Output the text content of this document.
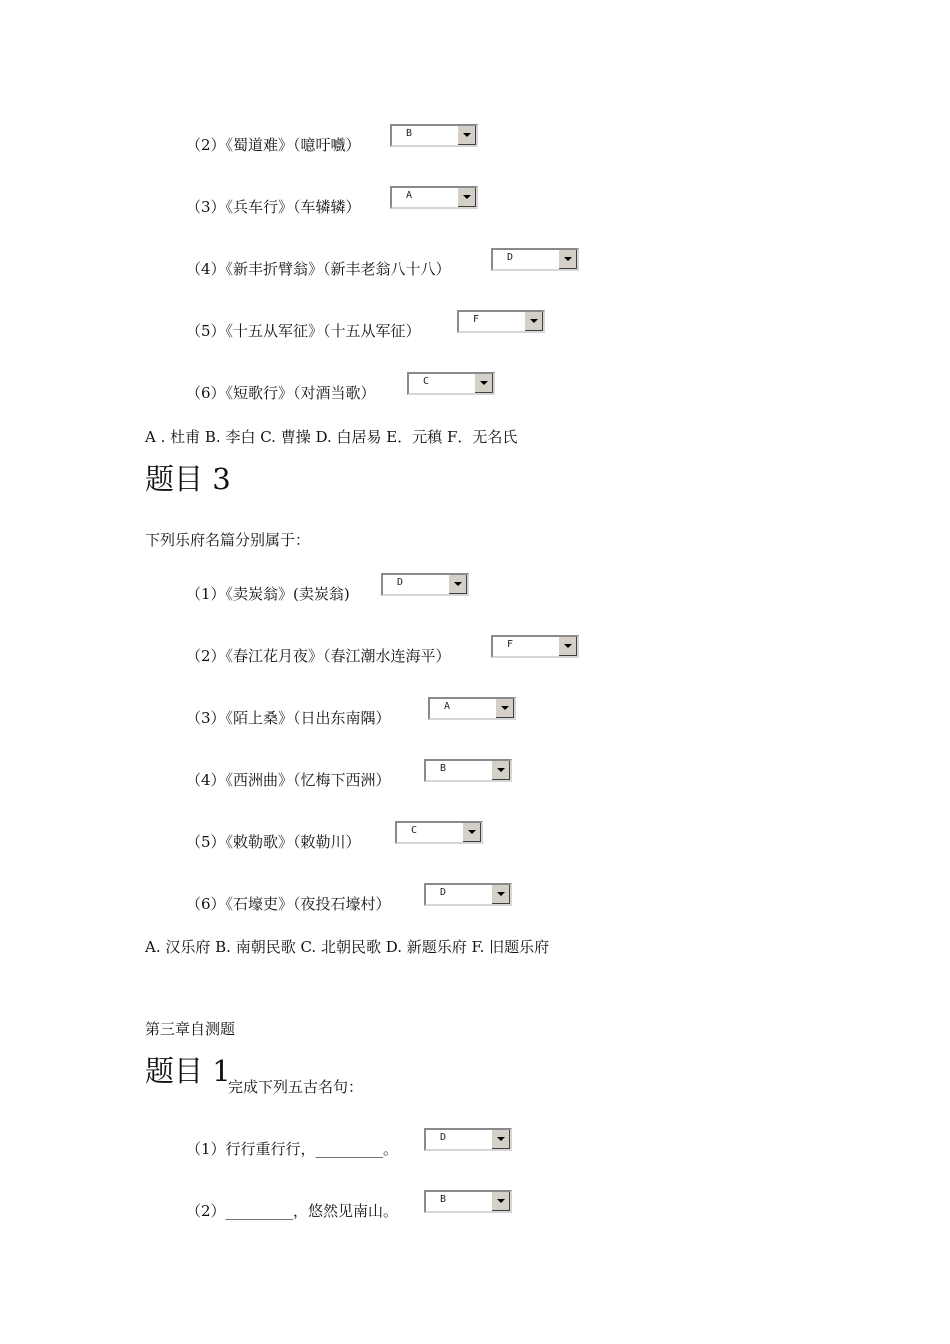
（2）《蜀道难》（噫吁嚱）
B
（3）《兵车行》（车辚辚）
A
（4）《新丰折臂翁》（新丰老翁八十八）
D
（5）《十五从军征》（十五从军征）
F
（6）《短歌行》（对酒当歌）
C
A . 杜甫 B. 李白 C. 曹操 D. 白居易 E．元稹 F．无名氏
题目 3
下列乐府名篇分别属于：
（1）《卖炭翁》(卖炭翁)
D
（2）《春江花月夜》（春江潮水连海平）
F
（3）《陌上桑》（日出东南隅）
A
（4）《西洲曲》（忆梅下西洲）
B
（5）《敕勒歌》（敕勒川）
C
（6）《石壕吏》（夜投石壕村）
D
A. 汉乐府 B. 南朝民歌 C. 北朝民歌 D. 新题乐府 F. 旧题乐府
第三章自测题
题目 1
完成下列五古名句：
（1）行行重行行，_________。
D
（2）_________，悠然见南山。
B
